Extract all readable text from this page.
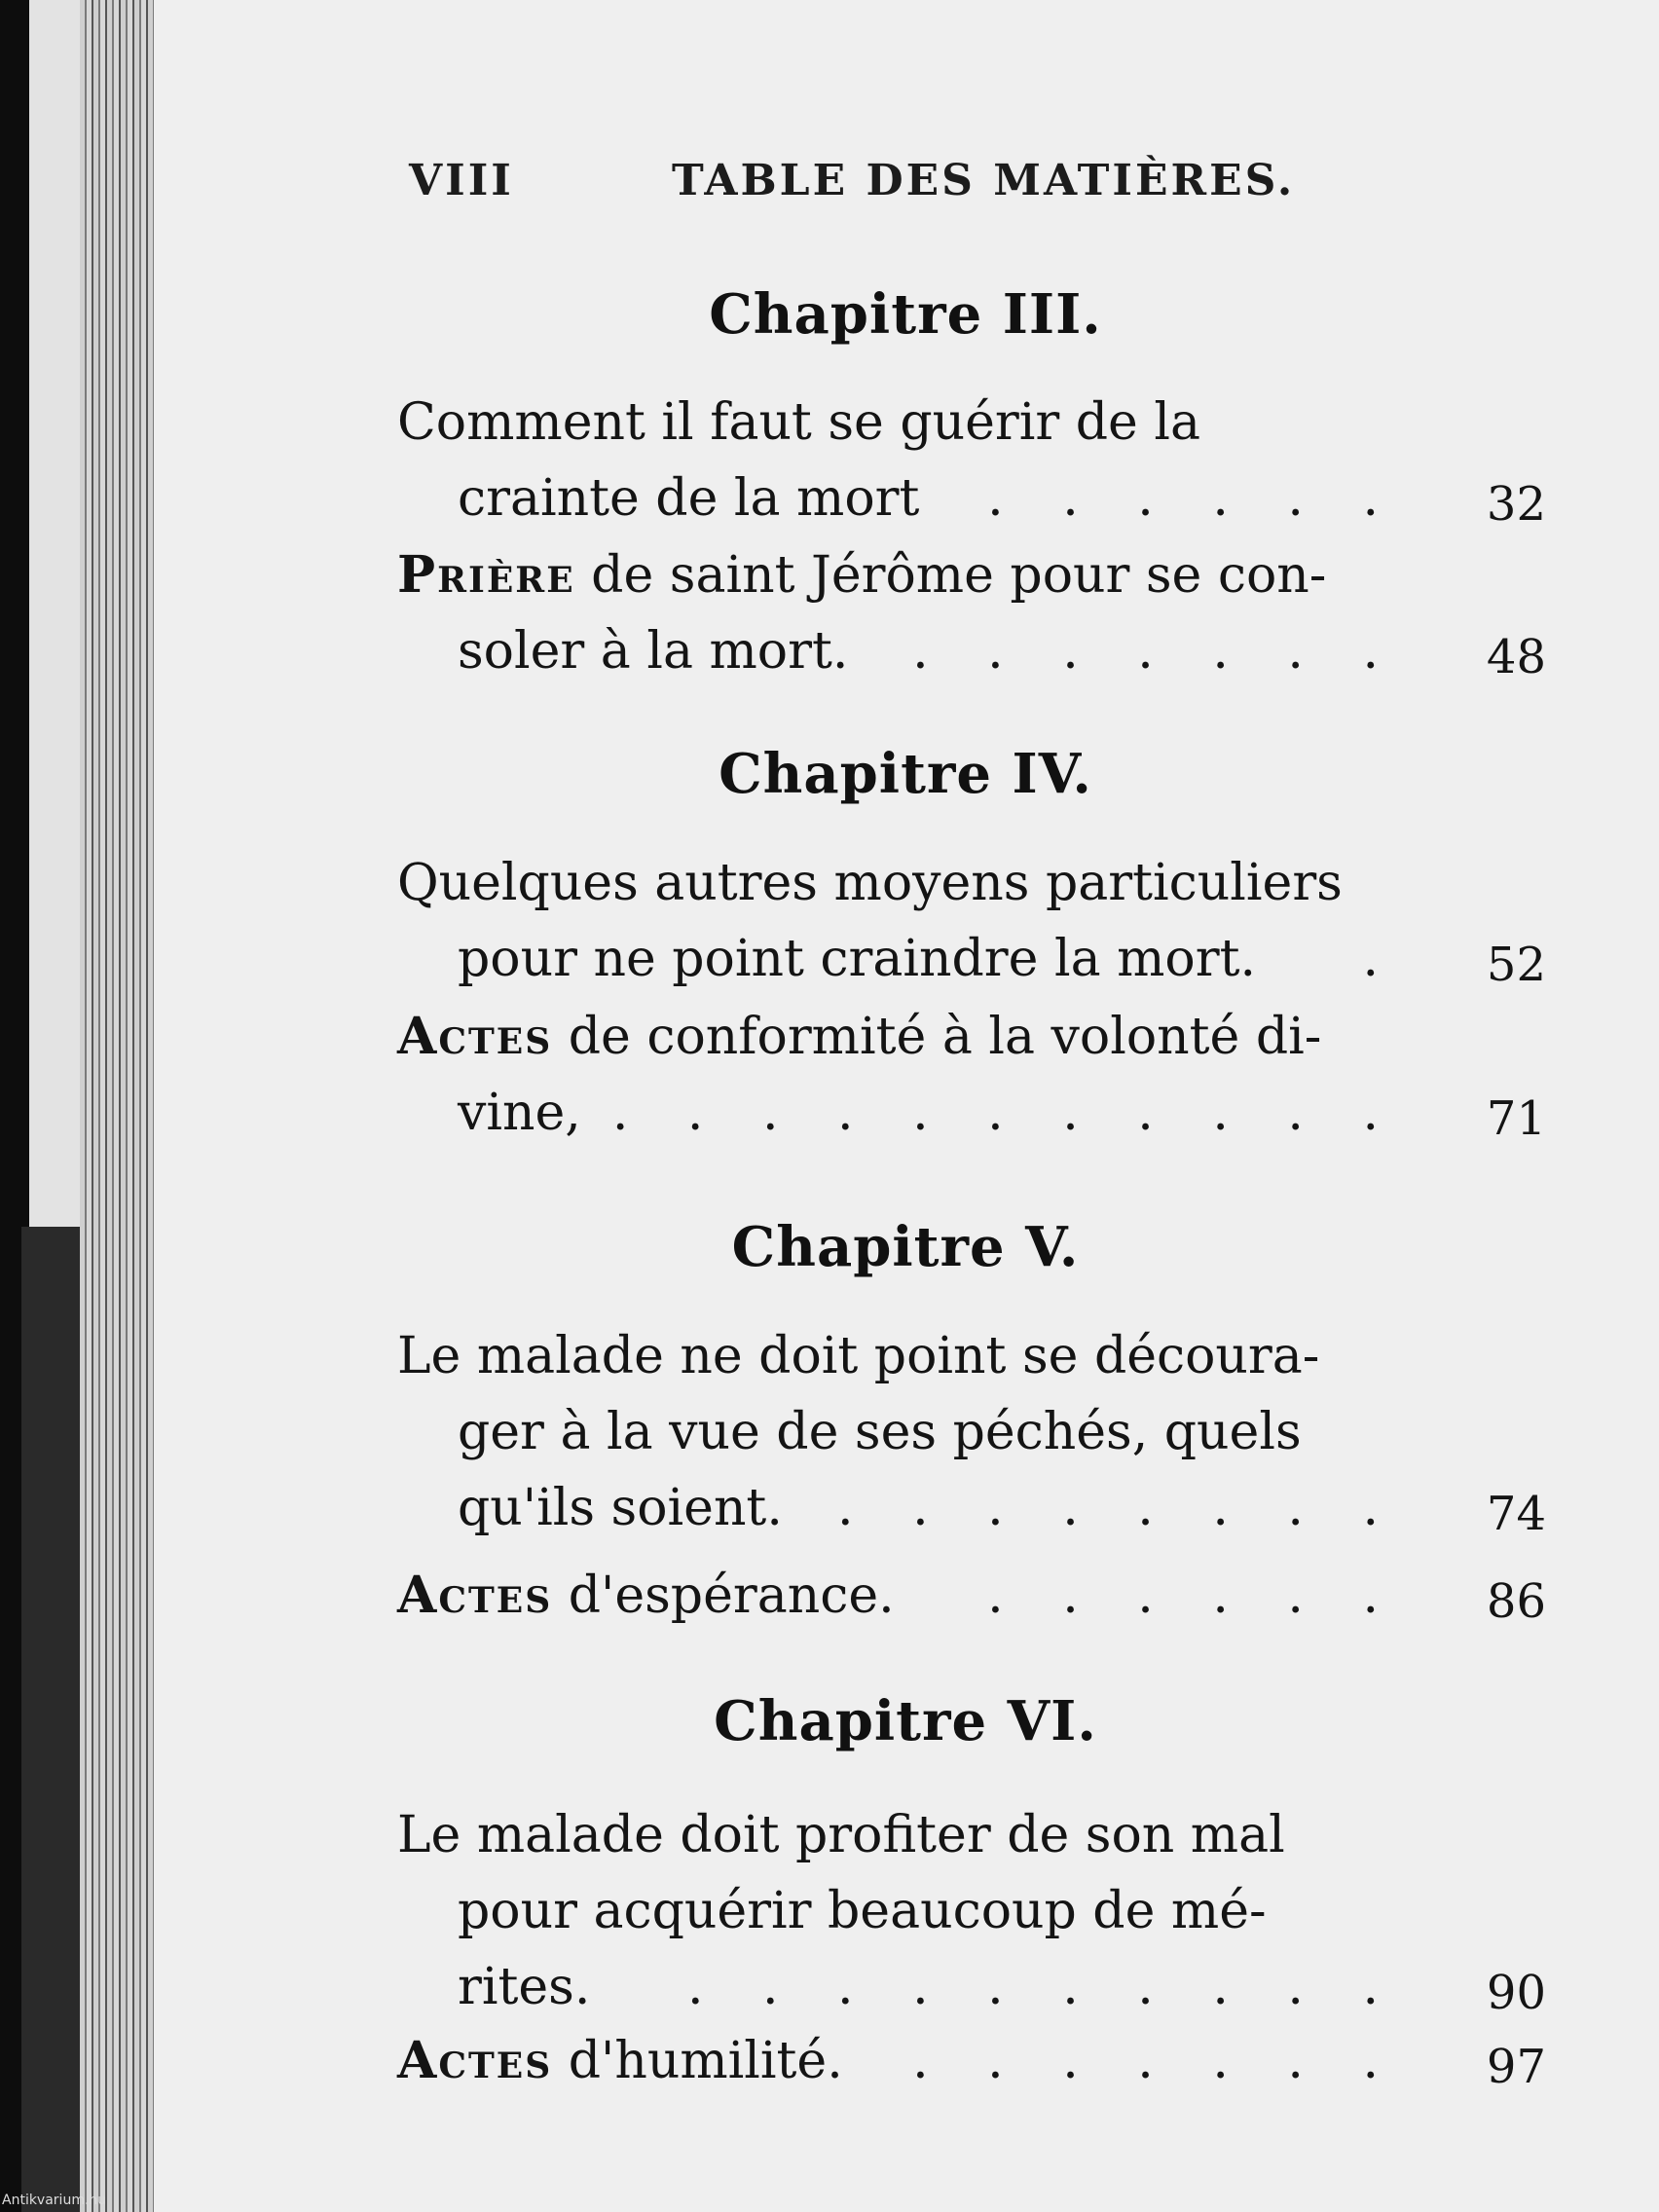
VIII	TABLE DES MATIÈRES.
Chapitre III.
Comment il faut se guérir de la
crainte de la mort . . . . . .	32
Prière de saint Jérôme pour se con-
soler à la mort. . . . . . . .	48
Chapitre IV.
Quelques autres moyens particuliers
pour ne point craindre la mort. .	52
Actes de conformité à la volonté di-
vine, . . . . . . . . . . .	71
Chapitre V.
Le malade ne doit point se découra-
ger à la vue de ses péchés, quels
qu'ils soient. . . . . . . . .	74
Actes d'espérance. . . . . . .	86
Chapitre VI.
Le malade doit profiter de son mal
pour acquérir beaucoup de mé-
rites. . . . . . . . . . .	90
Actes d'humilité. . . . . . . .	97
Antikvarium.hu
